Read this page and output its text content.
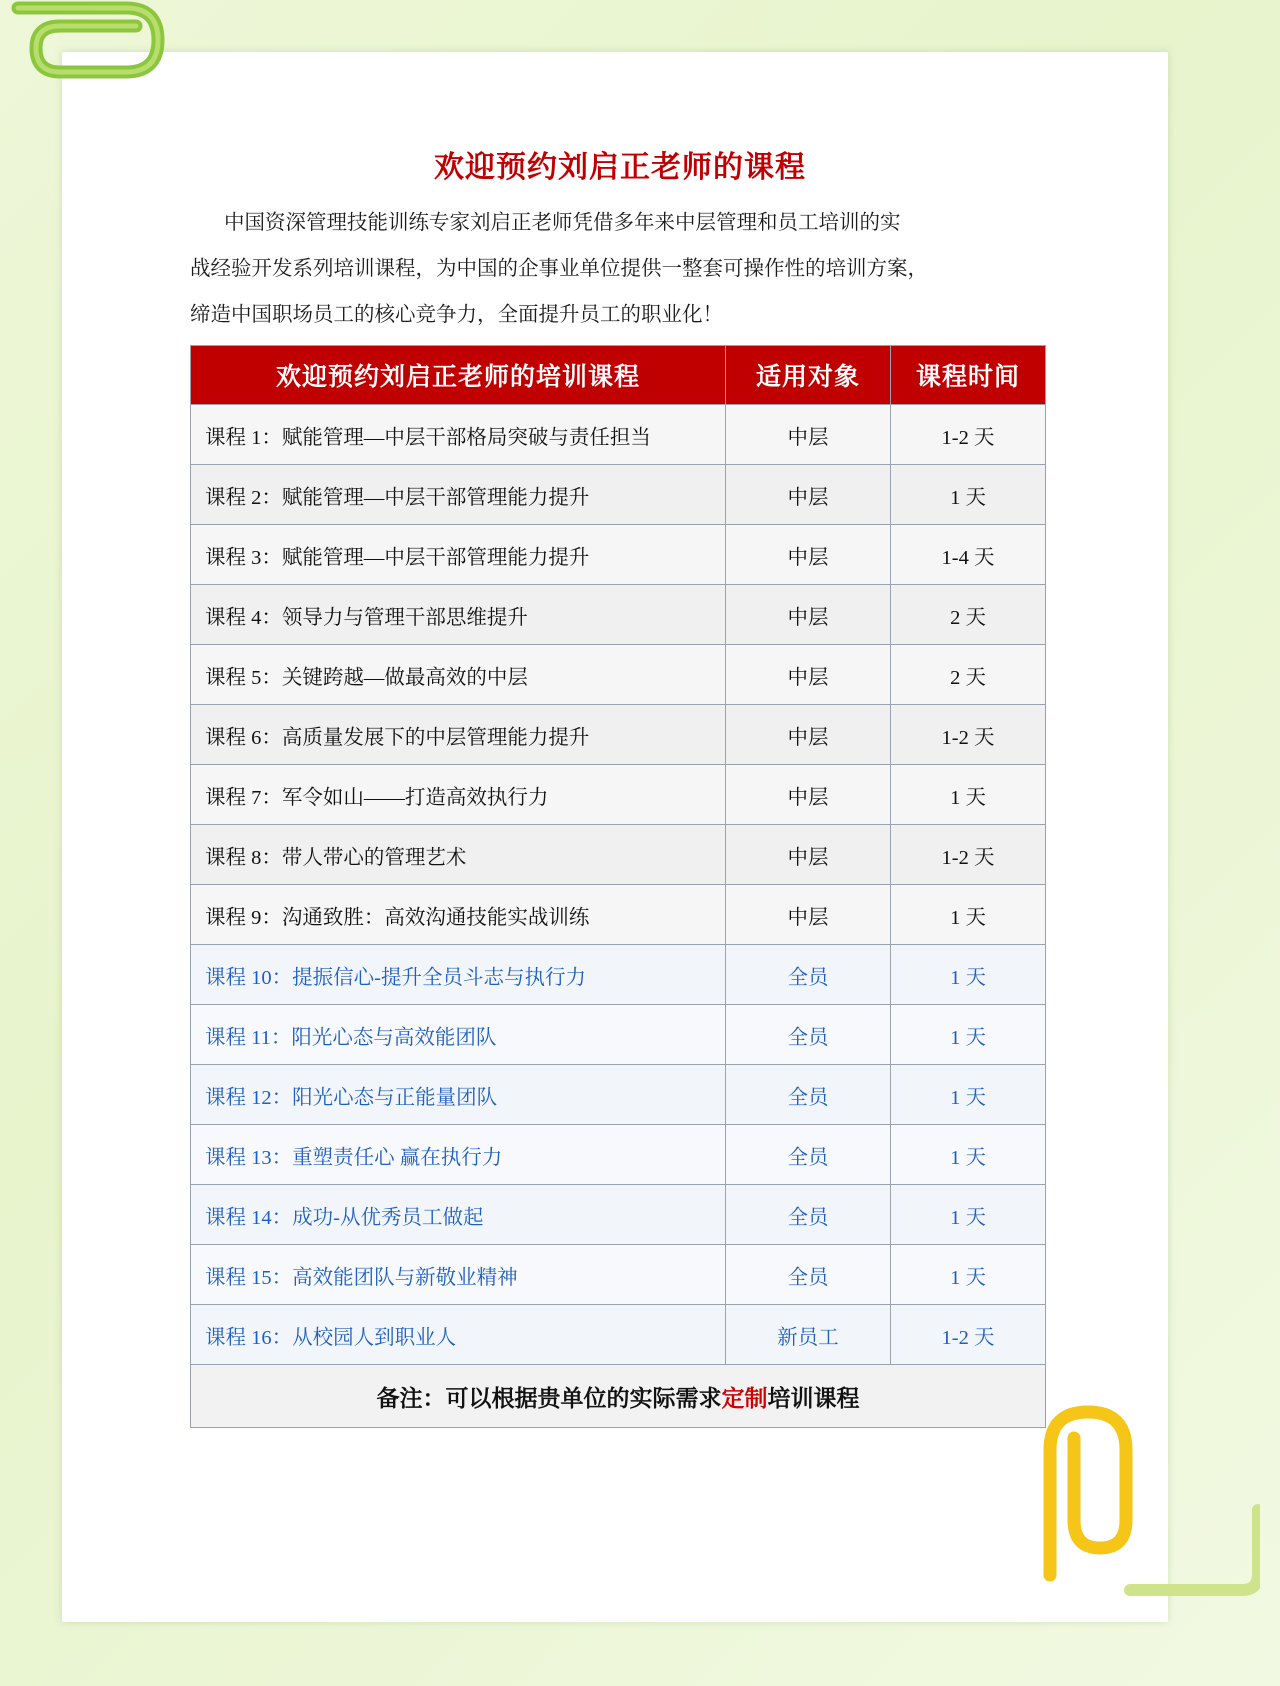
欢迎预约刘启正老师的课程

中国资深管理技能训练专家刘启正老师凭借多年来中层管理和员工培训的实

战经验开发系列培训课程，为中国的企事业单位提供一整套可操作性的培训方案，

缔造中国职场员工的核心竞争力，全面提升员工的职业化！

欢迎预约刘启正老师的培训课程	适用对象	课程时间
课程 1：赋能管理—中层干部格局突破与责任担当	中层	1-2 天
课程 2：赋能管理—中层干部管理能力提升	中层	1 天
课程 3：赋能管理—中层干部管理能力提升	中层	1-4 天
课程 4：领导力与管理干部思维提升	中层	2 天
课程 5：关键跨越—做最高效的中层	中层	2 天
课程 6：高质量发展下的中层管理能力提升	中层	1-2 天
课程 7：军令如山——打造高效执行力	中层	1 天
课程 8：带人带心的管理艺术	中层	1-2 天
课程 9：沟通致胜：高效沟通技能实战训练	中层	1 天
课程 10：提振信心-提升全员斗志与执行力	全员	1 天
课程 11：阳光心态与高效能团队	全员	1 天
课程 12：阳光心态与正能量团队	全员	1 天
课程 13：重塑责任心 赢在执行力	全员	1 天
课程 14：成功-从优秀员工做起	全员	1 天
课程 15：高效能团队与新敬业精神	全员	1 天
课程 16：从校园人到职业人	新员工	1-2 天
备注：可以根据贵单位的实际需求定制培训课程		
